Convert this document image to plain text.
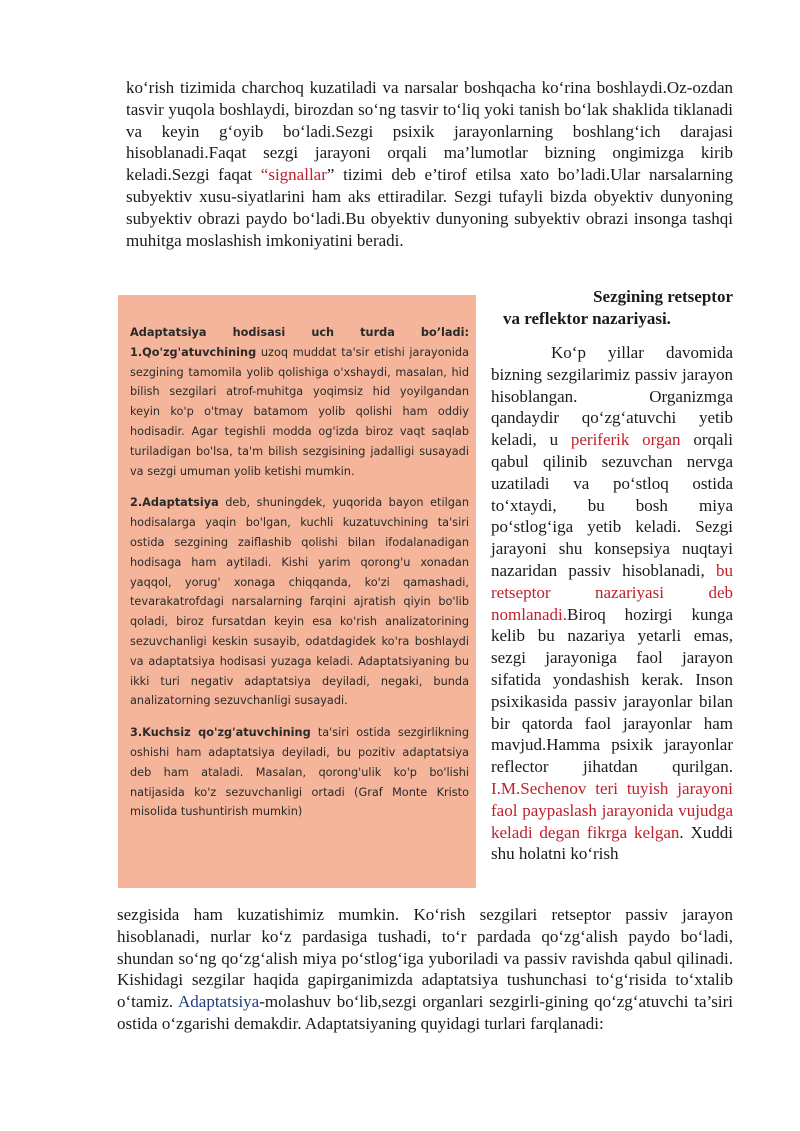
ko‘rish tizimida charchoq kuzatiladi va narsalar boshqacha ko‘rina boshlaydi.Oz-ozdan tasvir yuqola boshlaydi, birozdan so‘ng tasvir to‘liq yoki tanish bo‘lak shaklida tiklanadi va keyin g‘oyib bo‘ladi.Sezgi psixik jarayonlarning boshlang‘ich darajasi hisoblanadi.Faqat sezgi jarayoni orqali ma’lumotlar bizning ongimizga kirib keladi.Sezgi faqat “signallar” tizimi deb e’tirof etilsa xato bo’ladi.Ular narsalarning subyektiv xusu-siyatlarini ham aks ettiradilar. Sezgi tufayli bizda obyektiv dunyoning subyektiv obrazi paydo bo‘ladi.Bu obyektiv dunyoning subyektiv obrazi insonga tashqi muhitga moslashish imkoniyatini beradi.

Adaptatsiya hodisasi uch turda bo’ladi:
1.Qo'zg'atuvchining uzoq muddat ta'sir etishi jarayonida sezgining tamomila yolib qolishiga o'xshaydi, masalan, hid bilish sezgilari atrof-muhitga yoqimsiz hid yoyilgandan keyin ko'p o'tmay batamom yolib qolishi ham oddiy hodisadir. Agar tegishli modda og'izda biroz vaqt saqlab turiladigan bo'lsa, ta'm bilish sezgisining jadalligi susayadi va sezgi umuman yolib ketishi mumkin.

2.Adaptatsiya deb, shuningdek, yuqorida bayon etilgan hodisalarga yaqin bo'lgan, kuchli kuzatuvchining ta'siri ostida sezgining zaiflashib qolishi bilan ifodalanadigan hodisaga ham aytiladi. Kishi yarim qorong'u xonadan yaqqol, yorug' xonaga chiqqanda, ko'zi qamashadi, tevarakatrofdagi narsalarning farqini ajratish qiyin bo'lib qoladi, biroz fursatdan keyin esa ko'rish analizatorining sezuvchanligi keskin susayib, odatdagidek ko'ra boshlaydi va adaptatsiya hodisasi yuzaga keladi. Adaptatsiyaning bu ikki turi negativ adaptatsiya deyiladi, negaki, bunda analizatorning sezuvchanligi susayadi.

3.Kuchsiz qo'zg'atuvchining ta'siri ostida sezgirlikning oshishi ham adaptatsiya deyiladi, bu pozitiv adaptatsiya deb ham ataladi. Masalan, qorong'ulik ko'p bo'lishi natijasida ko'z sezuvchanligi ortadi (Graf Monte Kristo misolida tushuntirish mumkin)

Sezgining retseptor
va reflektor nazariyasi.
Ko‘p yillar davomida bizning sezgilarimiz passiv jarayon hisoblangan. Organizmga qandaydir qo‘zg‘atuvchi yetib keladi, u periferik organ orqali qabul qilinib sezuvchan nervga uzatiladi va po‘stloq ostida to‘xtaydi, bu bosh miya po‘stlog‘iga yetib keladi. Sezgi jarayoni shu konsepsiya nuqtayi nazaridan passiv hisoblanadi, bu retseptor nazariyasi deb nomlanadi.Biroq hozirgi kunga kelib bu nazariya yetarli emas, sezgi jarayoniga faol jarayon sifatida yondashish kerak. Inson psixikasida passiv jarayonlar bilan bir qatorda faol jarayonlar ham mavjud.Hamma psixik jarayonlar reflector jihatdan qurilgan. I.M.Sechenov teri tuyish jarayoni faol paypaslash jarayonida vujudga keladi degan fikrga kelgan. Xuddi shu holatni ko‘rish
sezgisida ham kuzatishimiz mumkin. Ko‘rish sezgilari retseptor passiv jarayon hisoblanadi, nurlar ko‘z pardasiga tushadi, to‘r pardada qo‘zg‘alish paydo bo‘ladi, shundan so‘ng qo‘zg‘alish miya po‘stlog‘iga yuboriladi va passiv ravishda qabul qilinadi. Kishidagi sezgilar haqida gapirganimizda adaptatsiya tushunchasi to‘g‘risida to‘xtalib o‘tamiz. Adaptatsiya-molashuv bo‘lib,sezgi organlari sezgirli-gining qo‘zg‘atuvchi ta’siri ostida o‘zgarishi demakdir. Adaptatsiyaning quyidagi turlari farqlanadi:
